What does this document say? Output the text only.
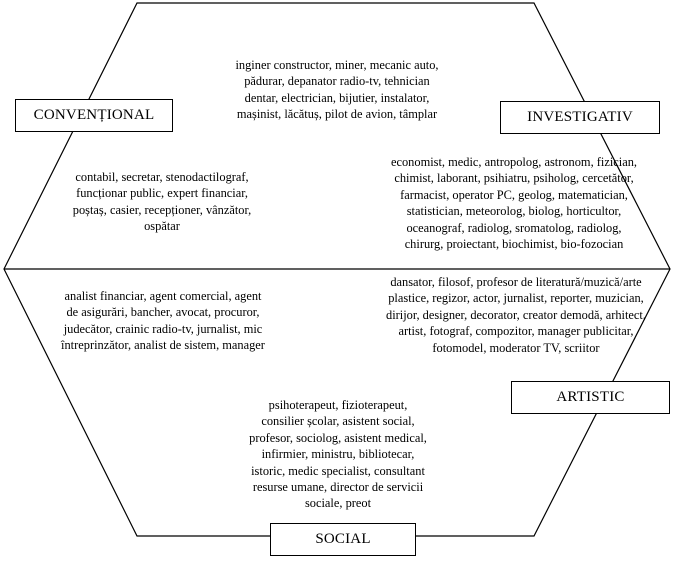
inginer constructor, miner, mecanic auto, pădurar, depanator radio-tv, tehnician dentar, electrician, bijutier, instalator, mașinist, lăcătuș, pilot de avion, tâmplar
CONVENȚIONAL	INVESTIGATIV
contabil, secretar, stenodactilograf, funcționar public, expert financiar, poștaș, casier, recepționer, vânzător, ospătar
economist, medic, antropolog, astronom, fizician, chimist, laborant, psihiatru, psiholog, cercetător, farmacist, operator PC, geolog, matematician, statistician, meteorolog, biolog, horticultor, oceanograf, radiolog, sromatolog, radiolog, chirurg, proiectant, biochimist, bio-fozocian
analist financiar, agent comercial, agent de asigurări, bancher, avocat, procuror, judecător, crainic radio-tv, jurnalist, mic întreprinzător, analist de sistem, manager
dansator, filosof, profesor de literatură/muzică/arte plastice, regizor, actor, jurnalist, reporter, muzician, dirijor, designer, decorator, creator demodă, arhitect, artist, fotograf, compozitor, manager publicitar, fotomodel, moderator TV, scriitor
ARTISTIC
psihoterapeut, fizioterapeut, consilier școlar, asistent social, profesor, sociolog, asistent medical, infirmier, ministru, bibliotecar, istoric, medic specialist, consultant resurse umane, director de servicii sociale, preot
SOCIAL
